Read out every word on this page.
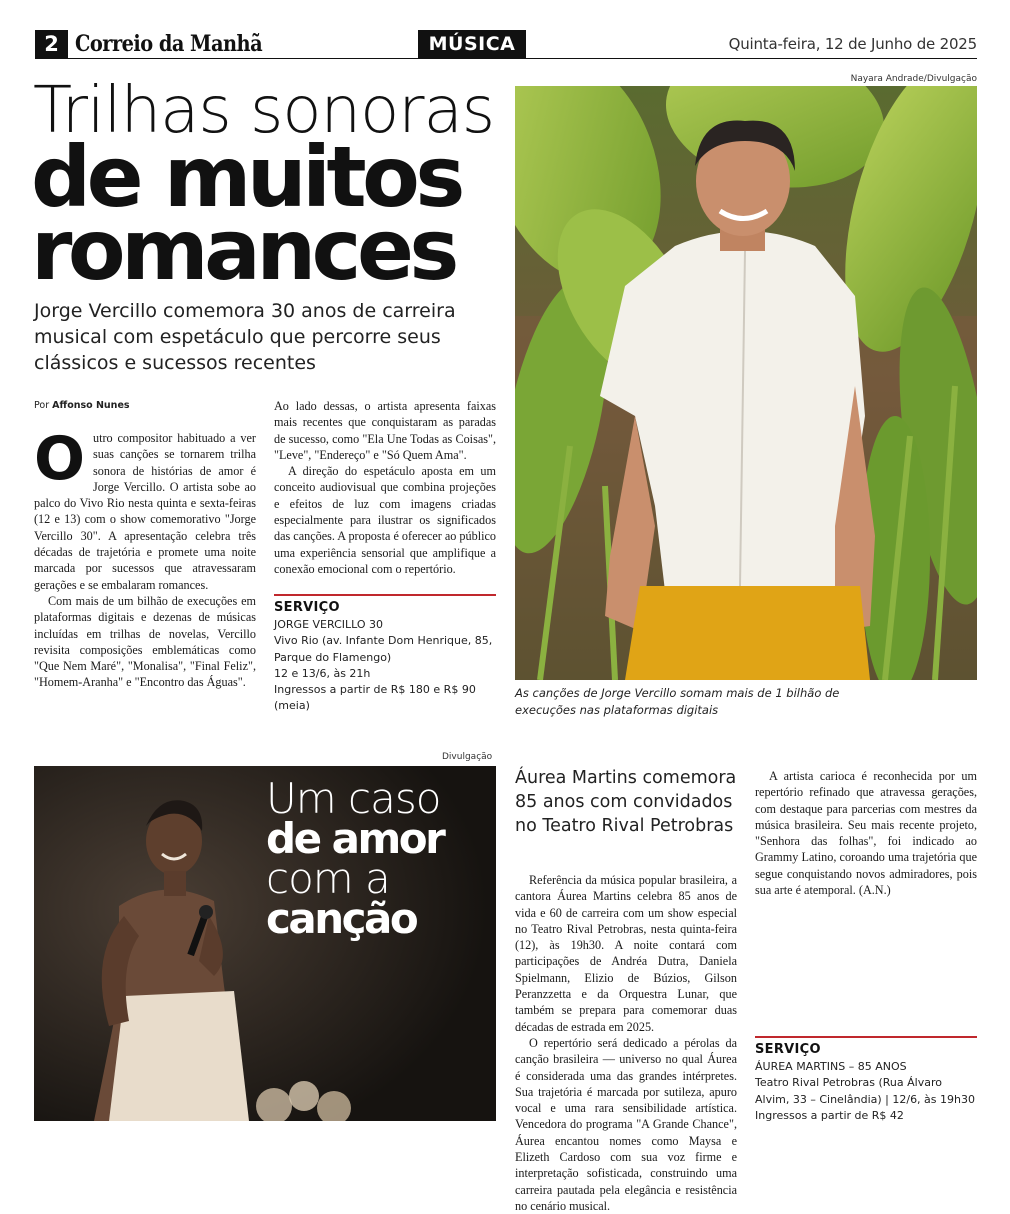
2 Correio da Manhã	MÚSICA	Quinta-feira, 12 de Junho de 2025
Trilhas sonoras
de muitos
romances
Jorge Vercillo comemora 30 anos de carreira musical com espetáculo que percorre seus clássicos e sucessos recentes
Por Affonso Nunes

Outro compositor habituado a ver suas canções se tornarem trilha sonora de histórias de amor é Jorge Vercillo. O artista sobe ao palco do Vivo Rio nesta quinta e sexta-feiras (12 e 13) com o show comemorativo "Jorge Vercillo 30". A apresentação celebra três décadas de trajetória e promete uma noite marcada por sucessos que atravessaram gerações e se embalaram romances.

Com mais de um bilhão de execuções em plataformas digitais e dezenas de músicas incluídas em trilhas de novelas, Vercillo revisita composições emblemáticas como "Que Nem Maré", "Monalisa", "Final Feliz", "Homem-Aranha" e "Encontro das Águas".

Ao lado dessas, o artista apresenta faixas mais recentes que conquistaram as paradas de sucesso, como "Ela Une Todas as Coisas", "Leve", "Endereço" e "Só Quem Ama".

A direção do espetáculo aposta em um conceito audiovisual que combina projeções e efeitos de luz com imagens criadas especialmente para ilustrar os significados das canções. A proposta é oferecer ao público uma experiência sensorial que amplifique a conexão emocional com o repertório.

SERVIÇO
JORGE VERCILLO 30
Vivo Rio (av. Infante Dom Henrique, 85, Parque do Flamengo)
12 e 13/6, às 21h
Ingressos a partir de R$ 180 e R$ 90 (meia)
Nayara Andrade/Divulgação
As canções de Jorge Vercillo somam mais de 1 bilhão de execuções nas plataformas digitais
Divulgação
Um caso
de amor
com a
canção
Áurea Martins comemora 85 anos com convidados no Teatro Rival Petrobras

Referência da música popular brasileira, a cantora Áurea Martins celebra 85 anos de vida e 60 de carreira com um show especial no Teatro Rival Petrobras, nesta quinta-feira (12), às 19h30. A noite contará com participações de Andréa Dutra, Daniela Spielmann, Elizio de Búzios, Gilson Peranzzetta e da Orquestra Lunar, que também se prepara para comemorar duas décadas de estrada em 2025.

O repertório será dedicado a pérolas da canção brasileira — universo no qual Áurea é considerada uma das grandes intérpretes. Sua trajetória é marcada por sutileza, apuro vocal e uma rara sensibilidade artística. Vencedora do programa "A Grande Chance", Áurea encantou nomes como Maysa e Elizeth Cardoso com sua voz firme e interpretação sofisticada, construindo uma carreira pautada pela elegância e resistência no cenário musical.

A artista carioca é reconhecida por um repertório refinado que atravessa gerações, com destaque para parcerias com mestres da música brasileira. Seu mais recente projeto, "Senhora das folhas", foi indicado ao Grammy Latino, coroando uma trajetória que segue conquistando novos admiradores, pois sua arte é atemporal. (A.N.)

SERVIÇO
ÁUREA MARTINS – 85 ANOS
Teatro Rival Petrobras (Rua Álvaro Alvim, 33 – Cinelândia) | 12/6, às 19h30
Ingressos a partir de R$ 42
